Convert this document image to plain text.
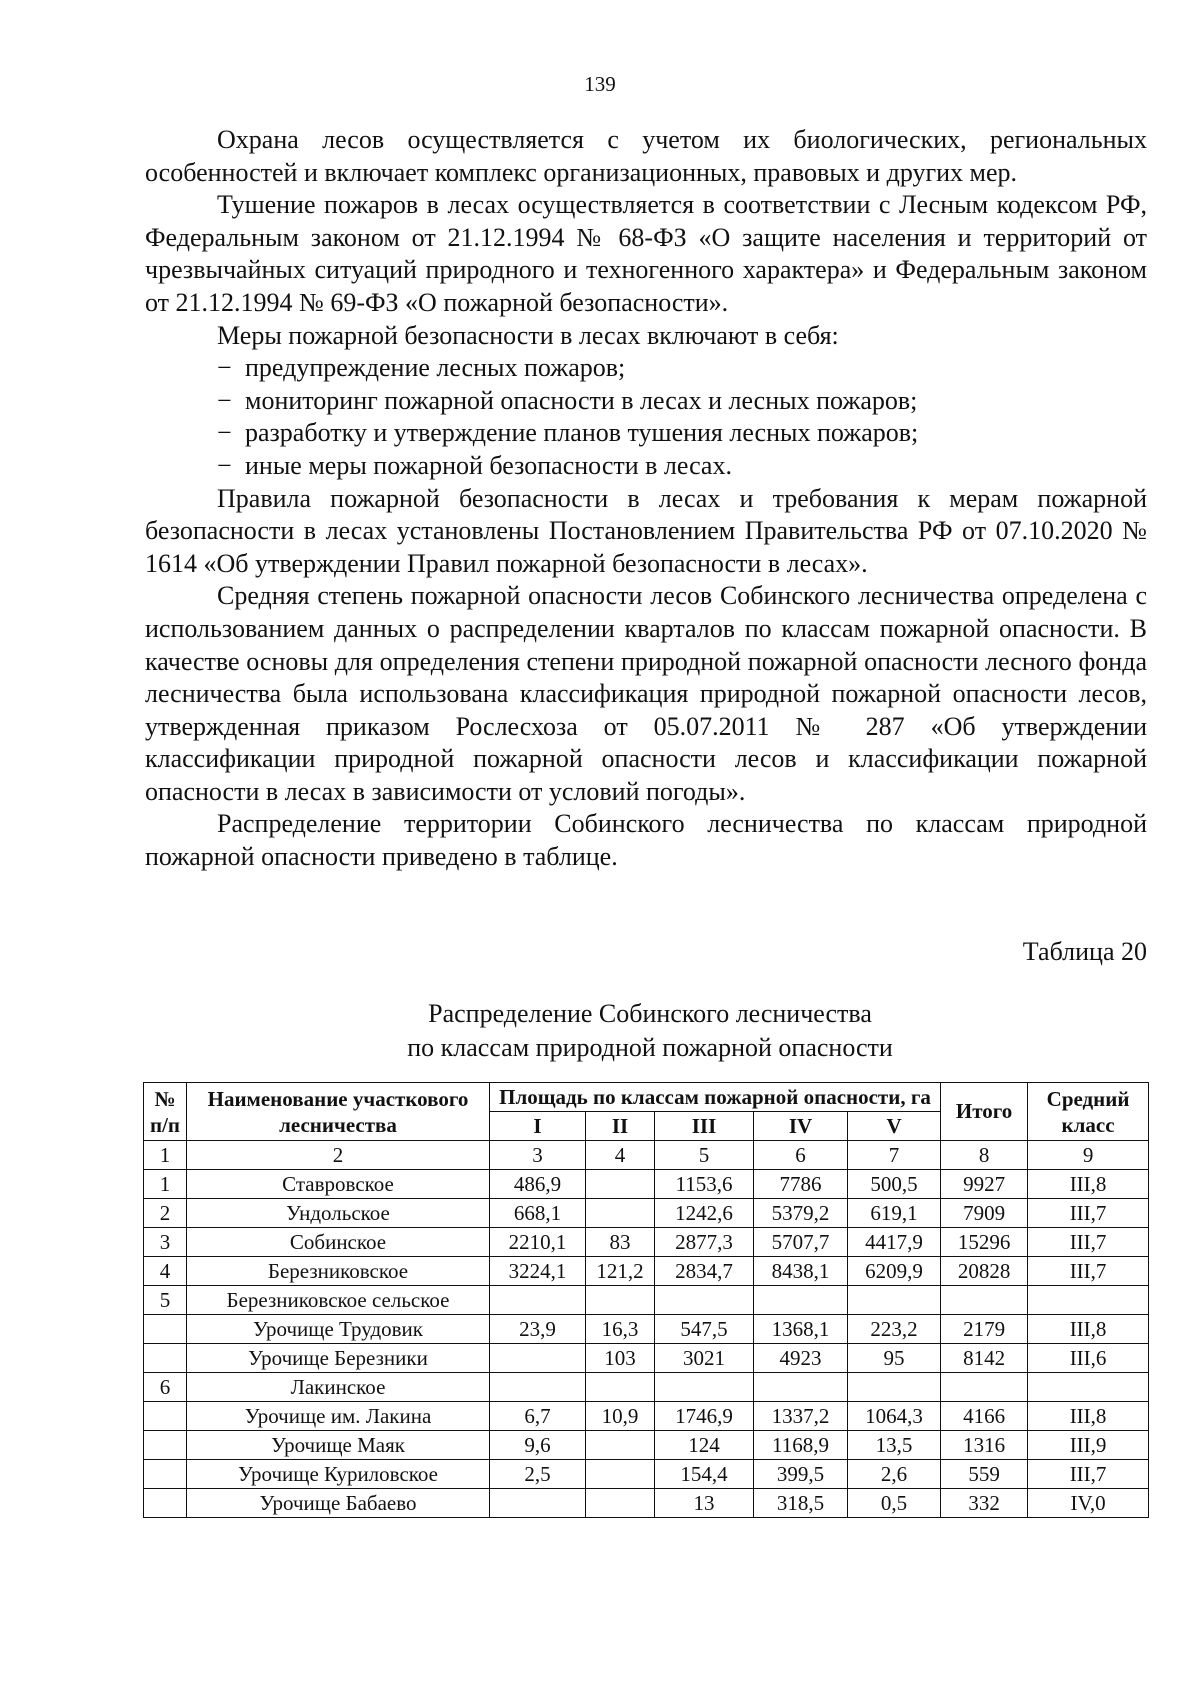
139

Охрана лесов осуществляется с учетом их биологических, региональных особенностей и включает комплекс организационных, правовых и других мер.

Тушение пожаров в лесах осуществляется в соответствии с Лесным кодексом РФ, Федеральным законом от 21.12.1994 № 68-ФЗ «О защите населения и территорий от чрезвычайных ситуаций природного и техногенного характера» и Федеральным законом от 21.12.1994 № 69-ФЗ «О пожарной безопасности».

Меры пожарной безопасности в лесах включают в себя:

− предупреждение лесных пожаров;
− мониторинг пожарной опасности в лесах и лесных пожаров;
− разработку и утверждение планов тушения лесных пожаров;
− иные меры пожарной безопасности в лесах.

Правила пожарной безопасности в лесах и требования к мерам пожарной безопасности в лесах установлены Постановлением Правительства РФ от 07.10.2020 № 1614 «Об утверждении Правил пожарной безопасности в лесах».

Средняя степень пожарной опасности лесов Собинского лесничества определена с использованием данных о распределении кварталов по классам пожарной опасности. В качестве основы для определения степени природной пожарной опасности лесного фонда лесничества была использована классификация природной пожарной опасности лесов, утвержденная приказом Рослесхоза от 05.07.2011 № 287 «Об утверждении классификации природной пожарной опасности лесов и классификации пожарной опасности в лесах в зависимости от условий погоды».

Распределение территории Собинского лесничества по классам природной пожарной опасности приведено в таблице.

Таблица 20
Распределение Собинского лесничества
по классам природной пожарной опасности
№ п/п	Наименование участкового лесничества	Площадь по классам пожарной опасности, га					Итого	Средний класс
		I	II	III	IV	V		
1	2	3	4	5	6	7	8	9
1	Ставровское	486,9		1153,6	7786	500,5	9927	III,8
2	Ундольское	668,1		1242,6	5379,2	619,1	7909	III,7
3	Собинское	2210,1	83	2877,3	5707,7	4417,9	15296	III,7
4	Березниковское	3224,1	121,2	2834,7	8438,1	6209,9	20828	III,7
5	Березниковское сельское							
	Урочище Трудовик	23,9	16,3	547,5	1368,1	223,2	2179	III,8
	Урочище Березники		103	3021	4923	95	8142	III,6
6	Лакинское							
	Урочище им. Лакина	6,7	10,9	1746,9	1337,2	1064,3	4166	III,8
	Урочище Маяк	9,6		124	1168,9	13,5	1316	III,9
	Урочище Куриловское	2,5		154,4	399,5	2,6	559	III,7
	Урочище Бабаево			13	318,5	0,5	332	IV,0
